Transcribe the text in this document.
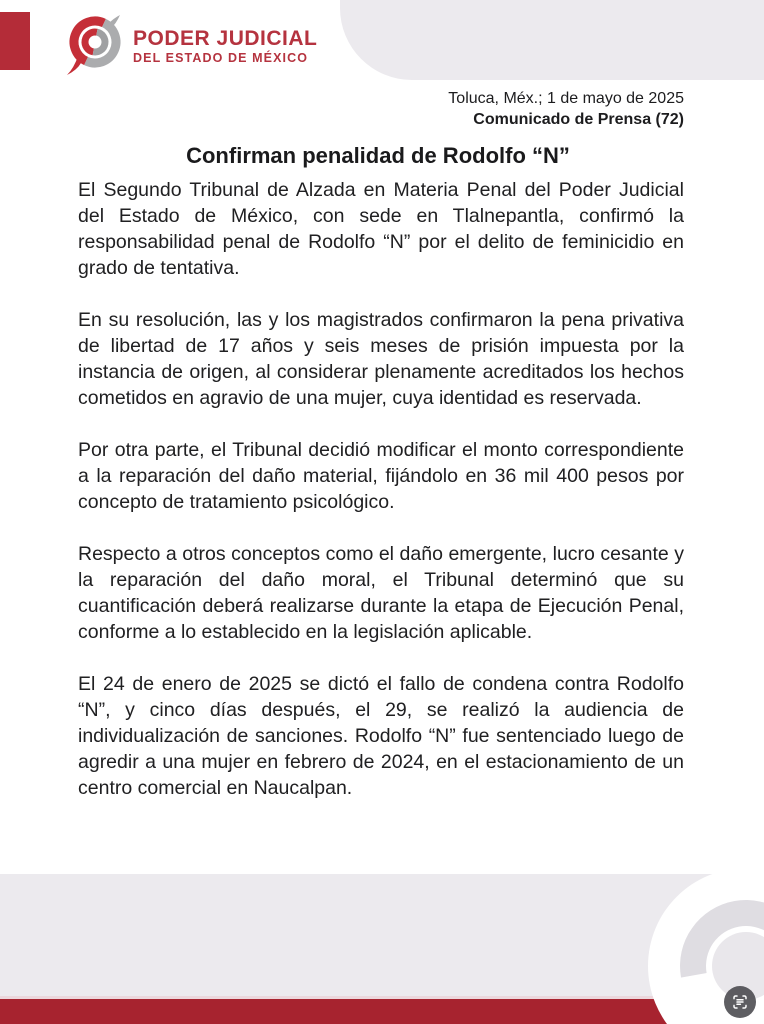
PODER JUDICIAL
DEL ESTADO DE MÉXICO
Toluca, Méx.; 1 de mayo de 2025
Comunicado de Prensa (72)
Confirman penalidad de Rodolfo “N”

El Segundo Tribunal de Alzada en Materia Penal del Poder Judicial del Estado de México, con sede en Tlalnepantla, confirmó la responsabilidad penal de Rodolfo “N” por el delito de feminicidio en grado de tentativa.

En su resolución, las y los magistrados confirmaron la pena privativa de libertad de 17 años y seis meses de prisión impuesta por la instancia de origen, al considerar plenamente acreditados los hechos cometidos en agravio de una mujer, cuya identidad es reservada.

Por otra parte, el Tribunal decidió modificar el monto correspondiente a la reparación del daño material, fijándolo en 36 mil 400 pesos por concepto de tratamiento psicológico.

Respecto a otros conceptos como el daño emergente, lucro cesante y la reparación del daño moral, el Tribunal determinó que su cuantificación deberá realizarse durante la etapa de Ejecución Penal, conforme a lo establecido en la legislación aplicable.

El 24 de enero de 2025 se dictó el fallo de condena contra Rodolfo “N”, y cinco días después, el 29, se realizó la audiencia de individualización de sanciones. Rodolfo “N” fue sentenciado luego de agredir a una mujer en febrero de 2024, en el estacionamiento de un centro comercial en Naucalpan.
